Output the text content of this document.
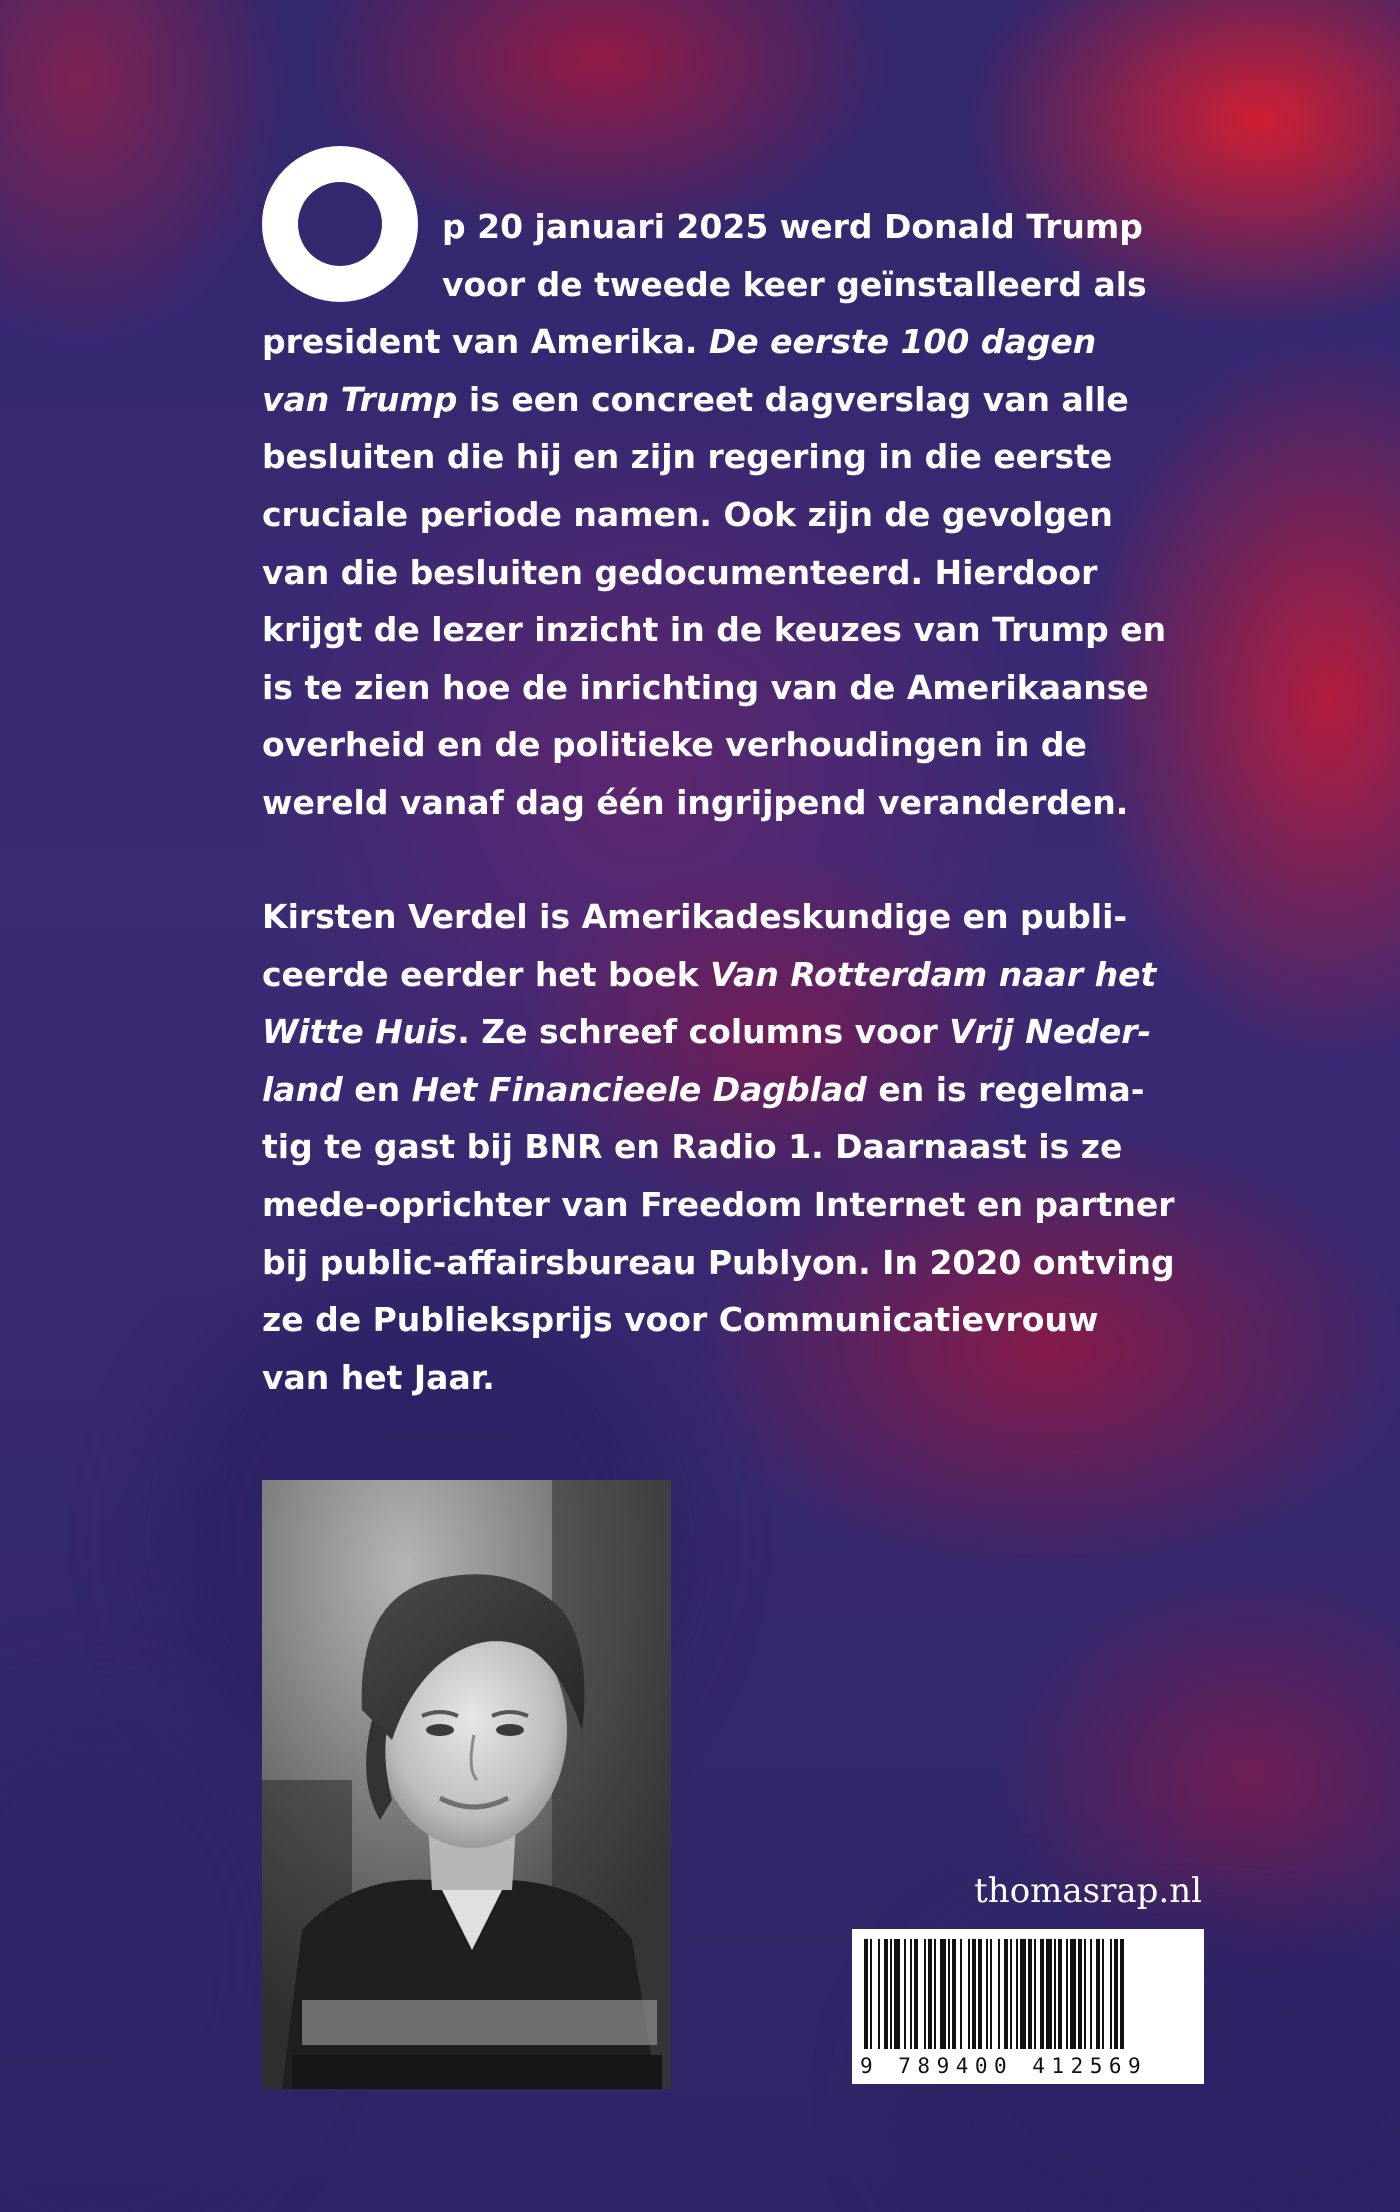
p 20 januari 2025 werd Donald Trump
voor de tweede keer geïnstalleerd als
president van Amerika. De eerste 100 dagen
van Trump is een concreet dagverslag van alle
besluiten die hij en zijn regering in die eerste
cruciale periode namen. Ook zijn de gevolgen
van die besluiten gedocumenteerd. Hierdoor
krijgt de lezer inzicht in de keuzes van Trump en
is te zien hoe de inrichting van de Amerikaanse
overheid en de politieke verhoudingen in de
wereld vanaf dag één ingrijpend veranderden.
Kirsten Verdel is Amerikadeskundige en publi-
ceerde eerder het boek Van Rotterdam naar het
Witte Huis. Ze schreef columns voor Vrij Neder-
land en Het Financieele Dagblad en is regelma-
tig te gast bij BNR en Radio 1. Daarnaast is ze
mede-oprichter van Freedom Internet en partner
bij public-affairsbureau Publyon. In 2020 ontving
ze de Publieksprijs voor Communicatievrouw
van het Jaar.
thomasrap.nl
9 789400 412569
